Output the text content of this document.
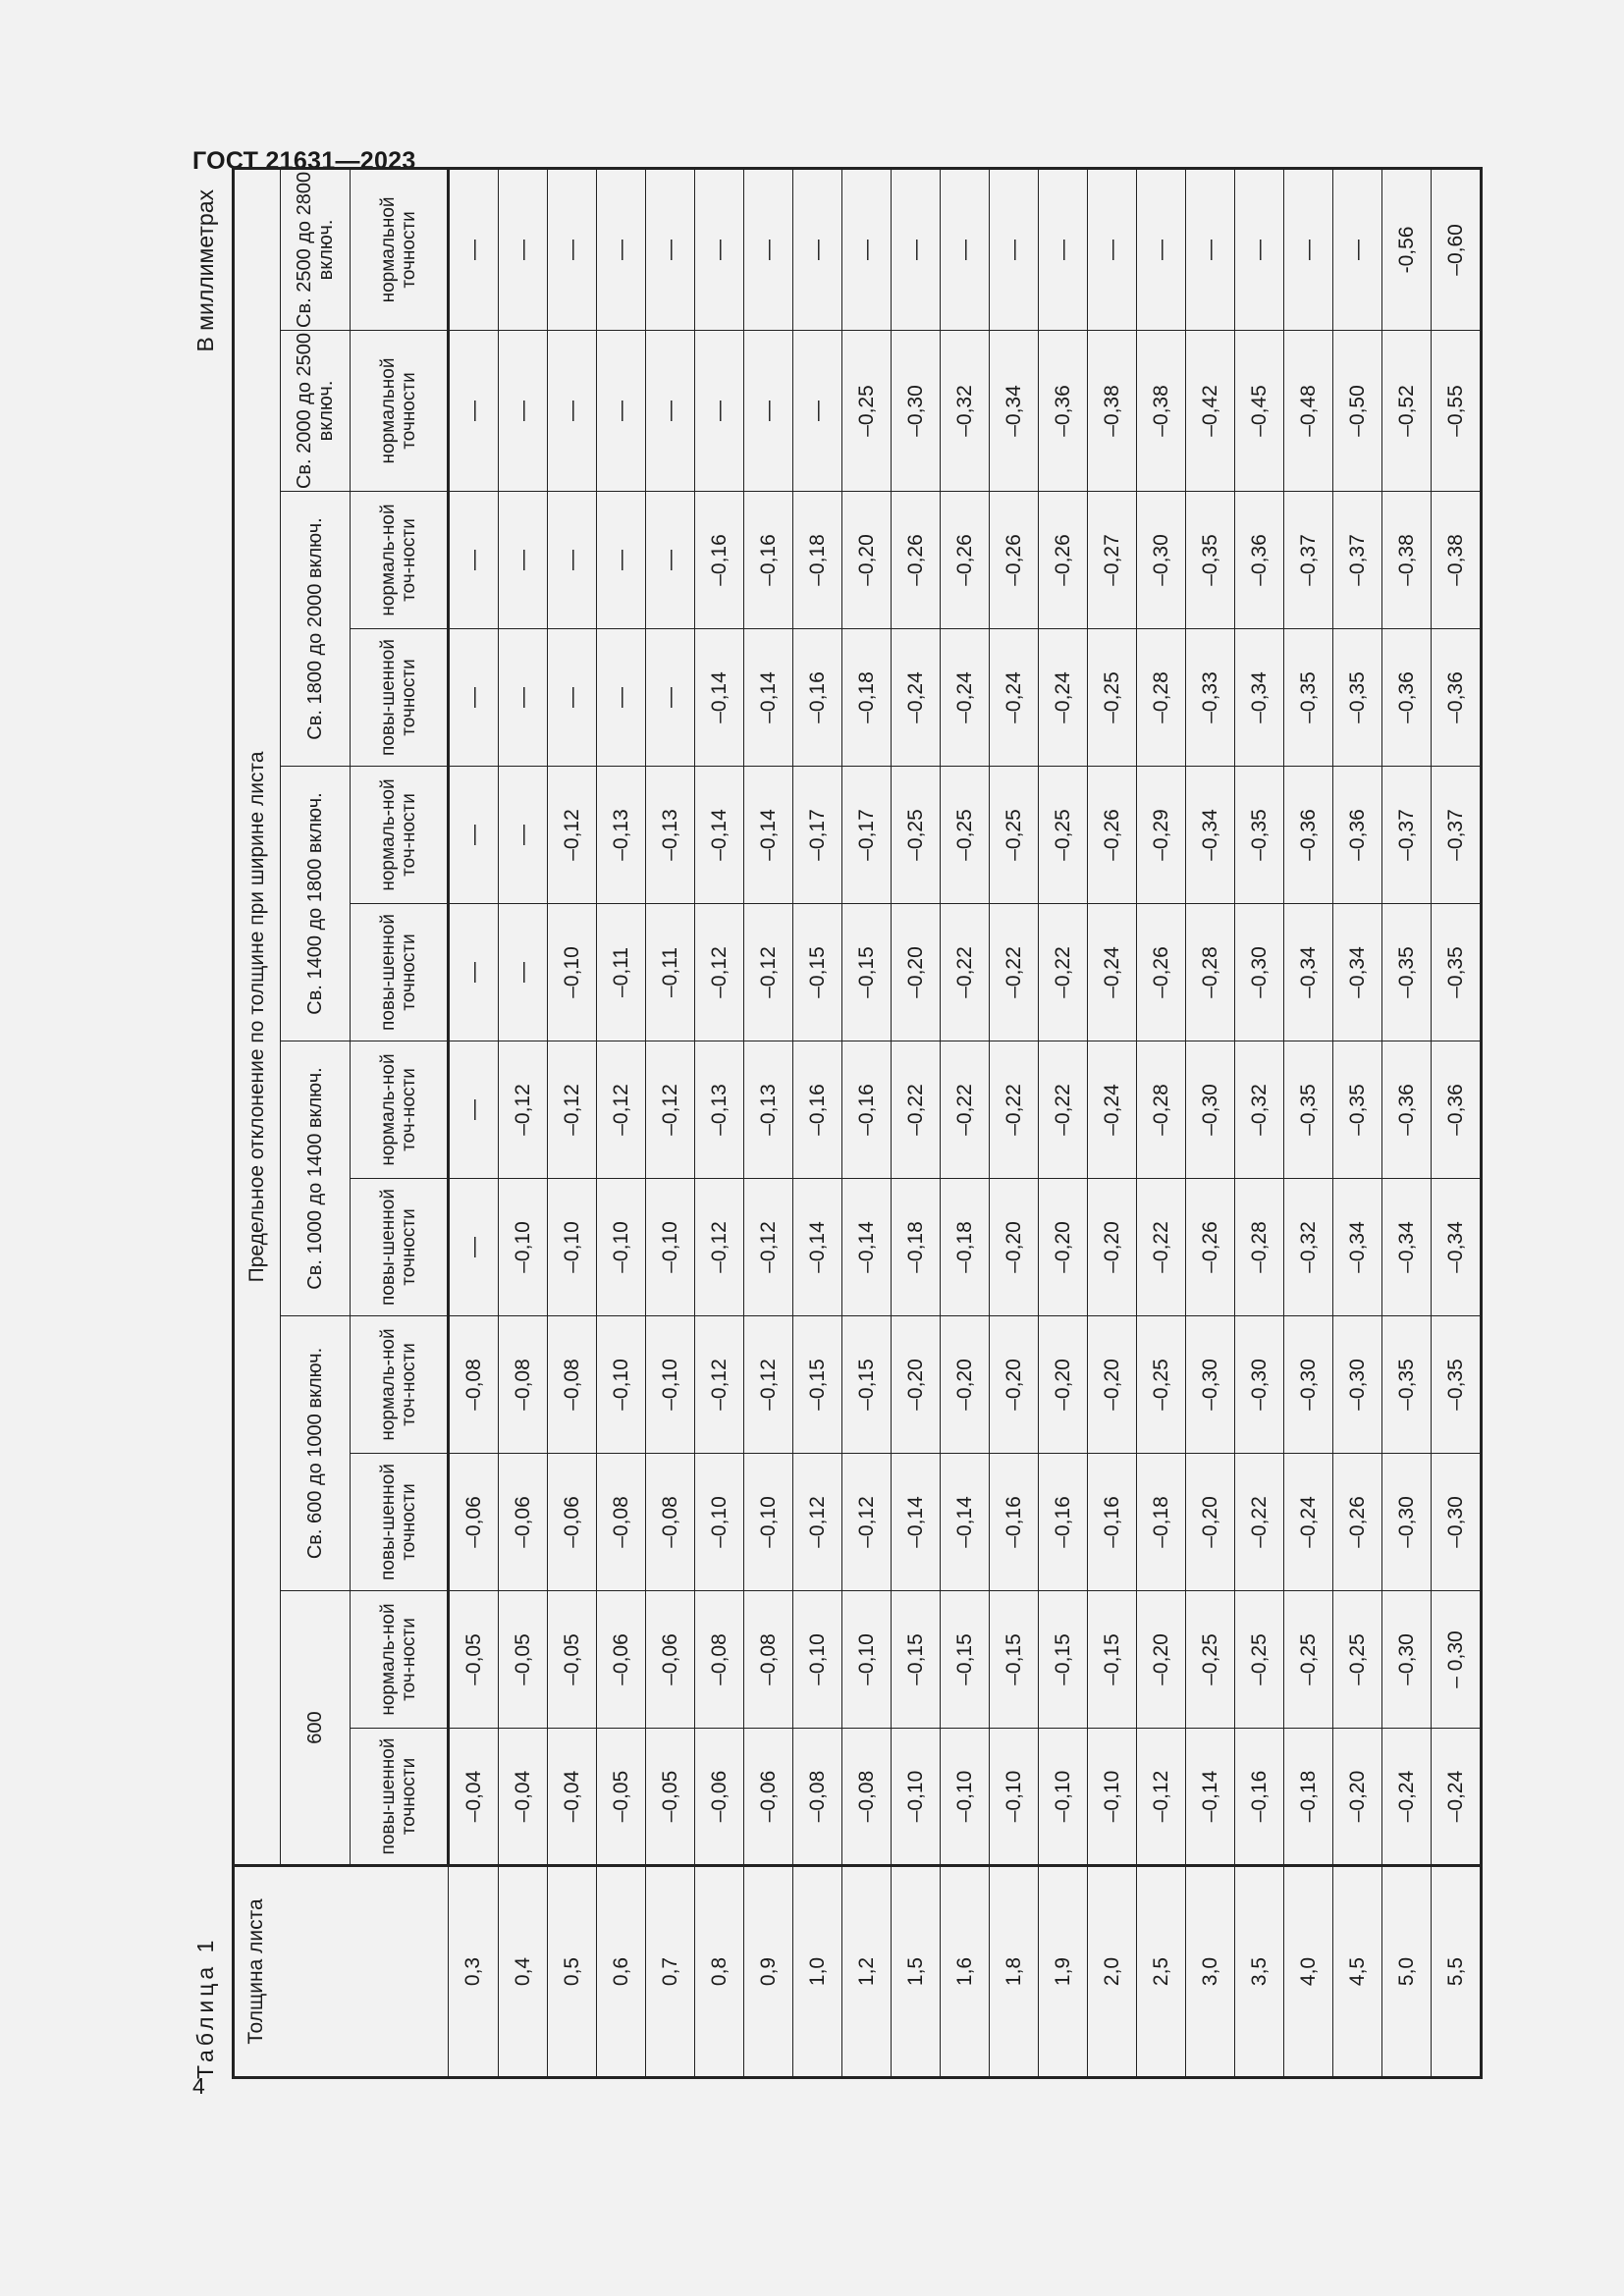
ГОСТ 21631—2023
4
Таблица 1
В миллиметрах
Толщина листа	Предельное отклонение по толщине при ширине листа											
	600		Св. 600 до 1000 включ.		Св. 1000 до 1400 включ.		Св. 1400 до 1800 включ.		Св. 1800 до 2000 включ.		Св. 2000 до 2500 включ.	Св. 2500 до 2800 включ.
	повы-шенной точности	нормаль-ной точ-ности	повы-шенной точности	нормаль-ной точ-ности	повы-шенной точности	нормаль-ной точ-ности	повы-шенной точности	нормаль-ной точ-ности	повы-шенной точности	нормаль-ной точ-ности	нормальной точности	нормальной точности
0,3	–0,04	–0,05	–0,06	–0,08	—	—	—	—	—	—	—	—
0,4	–0,04	–0,05	–0,06	–0,08	–0,10	–0,12	—	—	—	—	—	—
0,5	–0,04	–0,05	–0,06	–0,08	–0,10	–0,12	–0,10	–0,12	—	—	—	—
0,6	–0,05	–0,06	–0,08	–0,10	–0,10	–0,12	–0,11	–0,13	—	—	—	—
0,7	–0,05	–0,06	–0,08	–0,10	–0,10	–0,12	–0,11	–0,13	—	—	—	—
0,8	–0,06	–0,08	–0,10	–0,12	–0,12	–0,13	–0,12	–0,14	–0,14	–0,16	—	—
0,9	–0,06	–0,08	–0,10	–0,12	–0,12	–0,13	–0,12	–0,14	–0,14	–0,16	—	—
1,0	–0,08	–0,10	–0,12	–0,15	–0,14	–0,16	–0,15	–0,17	–0,16	–0,18	—	—
1,2	–0,08	–0,10	–0,12	–0,15	–0,14	–0,16	–0,15	–0,17	–0,18	–0,20	–0,25	—
1,5	–0,10	–0,15	–0,14	–0,20	–0,18	–0,22	–0,20	–0,25	–0,24	–0,26	–0,30	—
1,6	–0,10	–0,15	–0,14	–0,20	–0,18	–0,22	–0,22	–0,25	–0,24	–0,26	–0,32	—
1,8	–0,10	–0,15	–0,16	–0,20	–0,20	–0,22	–0,22	–0,25	–0,24	–0,26	–0,34	—
1,9	–0,10	–0,15	–0,16	–0,20	–0,20	–0,22	–0,22	–0,25	–0,24	–0,26	–0,36	—
2,0	–0,10	–0,15	–0,16	–0,20	–0,20	–0,24	–0,24	–0,26	–0,25	–0,27	–0,38	—
2,5	–0,12	–0,20	–0,18	–0,25	–0,22	–0,28	–0,26	–0,29	–0,28	–0,30	–0,38	—
3,0	–0,14	–0,25	–0,20	–0,30	–0,26	–0,30	–0,28	–0,34	–0,33	–0,35	–0,42	—
3,5	–0,16	–0,25	–0,22	–0,30	–0,28	–0,32	–0,30	–0,35	–0,34	–0,36	–0,45	—
4,0	–0,18	–0,25	–0,24	–0,30	–0,32	–0,35	–0,34	–0,36	–0,35	–0,37	–0,48	—
4,5	–0,20	–0,25	–0,26	–0,30	–0,34	–0,35	–0,34	–0,36	–0,35	–0,37	–0,50	—
5,0	–0,24	–0,30	–0,30	–0,35	–0,34	–0,36	–0,35	–0,37	–0,36	–0,38	–0,52	-0,56
5,5	–0,24	– 0,30	–0,30	–0,35	–0,34	–0,36	–0,35	–0,37	–0,36	–0,38	–0,55	–0,60
